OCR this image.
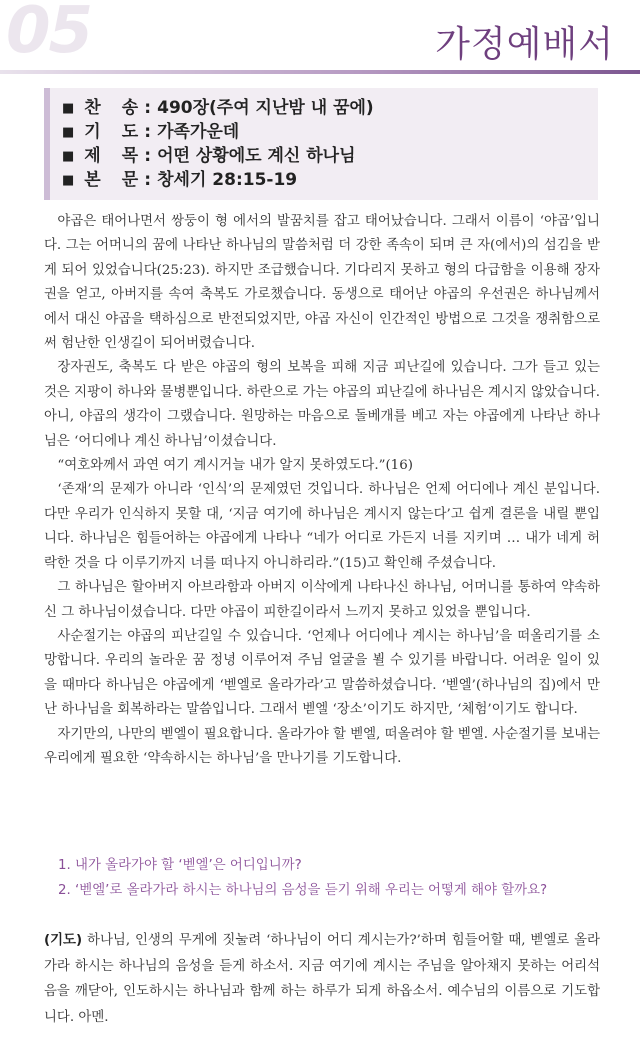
05	가정예배서
■ 찬　송 : 490장(주여 지난밤 내 꿈에)
■ 기　도 : 가족가운데
■ 제　목 : 어떤 상황에도 계신 하나님
■ 본　문 : 창세기 28:15-19

야곱은 태어나면서 쌍둥이 형 에서의 발꿈치를 잡고 태어났습니다. 그래서 이름이 ‘야곱’입니다. 그는 어머니의 꿈에 나타난 하나님의 말씀처럼 더 강한 족속이 되며 큰 자(에서)의 섬김을 받게 되어 있었습니다(25:23). 하지만 조급했습니다. 기다리지 못하고 형의 다급함을 이용해 장자권을 얻고, 아버지를 속여 축복도 가로챘습니다. 동생으로 태어난 야곱의 우선권은 하나님께서 에서 대신 야곱을 택하심으로 반전되었지만, 야곱 자신이 인간적인 방법으로 그것을 쟁취함으로써 험난한 인생길이 되어버렸습니다.

장자권도, 축복도 다 받은 야곱의 형의 보복을 피해 지금 피난길에 있습니다. 그가 들고 있는 것은 지팡이 하나와 물병뿐입니다. 하란으로 가는 야곱의 피난길에 하나님은 계시지 않았습니다. 아니, 야곱의 생각이 그랬습니다. 원망하는 마음으로 돌베개를 베고 자는 야곱에게 나타난 하나님은 ‘어디에나 계신 하나님’이셨습니다.

“여호와께서 과연 여기 계시거늘 내가 알지 못하였도다.”(16)

‘존재’의 문제가 아니라 ‘인식’의 문제였던 것입니다. 하나님은 언제 어디에나 계신 분입니다. 다만 우리가 인식하지 못할 대, ‘지금 여기에 하나님은 계시지 않는다’고 쉽게 결론을 내릴 뿐입니다. 하나님은 힘들어하는 야곱에게 나타나 “네가 어디로 가든지 너를 지키며 … 내가 네게 허락한 것을 다 이루기까지 너를 떠나지 아니하리라.”(15)고 확인해 주셨습니다.

그 하나님은 할아버지 아브라함과 아버지 이삭에게 나타나신 하나님, 어머니를 통하여 약속하신 그 하나님이셨습니다. 다만 야곱이 피한길이라서 느끼지 못하고 있었을 뿐입니다.

사순절기는 야곱의 피난길일 수 있습니다. ‘언제나 어디에나 계시는 하나님’을 떠올리기를 소망합니다. 우리의 놀라운 꿈 정녕 이루어져 주님 얼굴을 뵐 수 있기를 바랍니다. 어려운 일이 있을 때마다 하나님은 야곱에게 ‘벧엘로 올라가라’고 말씀하셨습니다. ‘벧엘’(하나님의 집)에서 만난 하나님을 회복하라는 말씀입니다. 그래서 벧엘 ‘장소’이기도 하지만, ‘체험’이기도 합니다.

자기만의, 나만의 벧엘이 필요합니다. 올라가야 할 벧엘, 떠올려야 할 벧엘. 사순절기를 보내는 우리에게 필요한 ‘약속하시는 하나님’을 만나기를 기도합니다.

1. 내가 올라가야 할 ‘벧엘’은 어디입니까?
2. ‘벧엘’로 올라가라 하시는 하나님의 음성을 듣기 위해 우리는 어떻게 해야 할까요?
(기도) 하나님, 인생의 무게에 짓눌려 ‘하나님이 어디 계시는가?’하며 힘들어할 때, 벧엘로 올라가라 하시는 하나님의 음성을 듣게 하소서. 지금 여기에 계시는 주님을 알아채지 못하는 어리석음을 깨닫아, 인도하시는 하나님과 함께 하는 하루가 되게 하옵소서. 예수님의 이름으로 기도합니다. 아멘.
